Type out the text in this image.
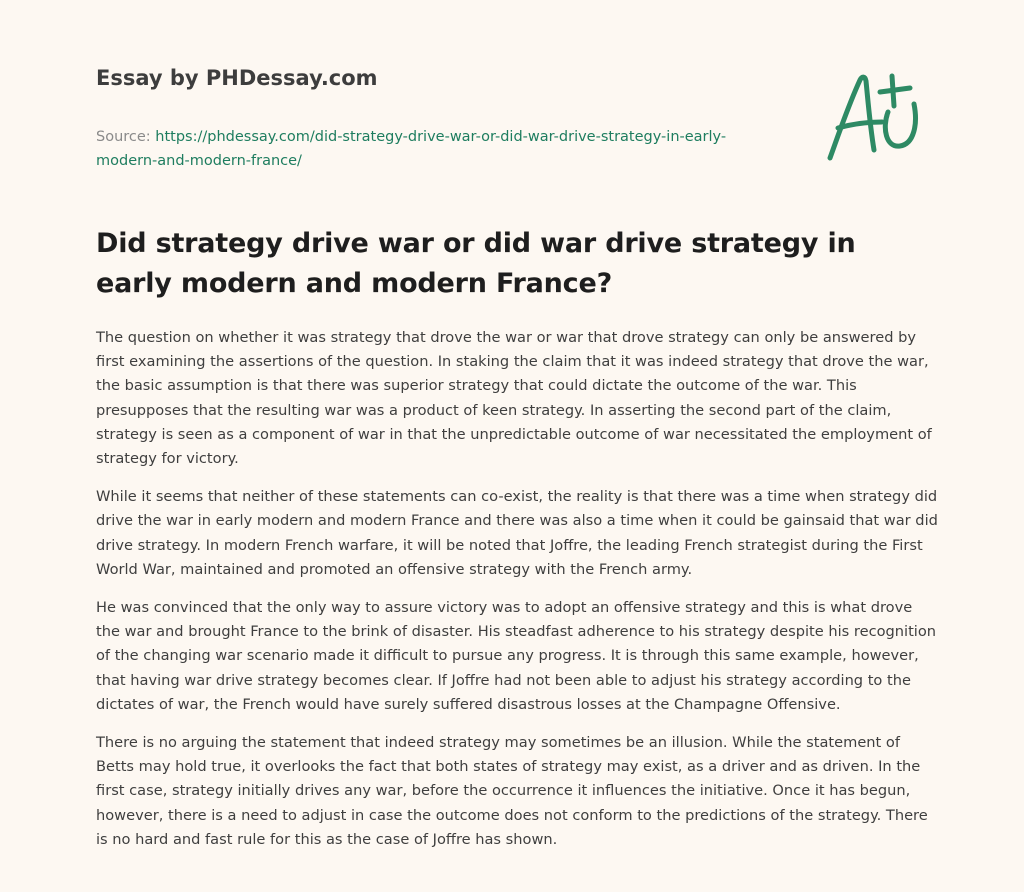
Essay by PHDessay.com
Source: https://phdessay.com/did-strategy-drive-war-or-did-war-drive-strategy-in-early-modern-and-modern-france/
Did strategy drive war or did war drive strategy in early modern and modern France?

The question on whether it was strategy that drove the war or war that drove strategy can only be answered by first examining the assertions of the question. In staking the claim that it was indeed strategy that drove the war, the basic assumption is that there was superior strategy that could dictate the outcome of the war. This presupposes that the resulting war was a product of keen strategy. In asserting the second part of the claim, strategy is seen as a component of war in that the unpredictable outcome of war necessitated the employment of strategy for victory.

While it seems that neither of these statements can co-exist, the reality is that there was a time when strategy did drive the war in early modern and modern France and there was also a time when it could be gainsaid that war did drive strategy. In modern French warfare, it will be noted that Joffre, the leading French strategist during the First World War, maintained and promoted an offensive strategy with the French army.

He was convinced that the only way to assure victory was to adopt an offensive strategy and this is what drove the war and brought France to the brink of disaster. His steadfast adherence to his strategy despite his recognition of the changing war scenario made it difficult to pursue any progress. It is through this same example, however, that having war drive strategy becomes clear. If Joffre had not been able to adjust his strategy according to the dictates of war, the French would have surely suffered disastrous losses at the Champagne Offensive.

There is no arguing the statement that indeed strategy may sometimes be an illusion. While the statement of Betts may hold true, it overlooks the fact that both states of strategy may exist, as a driver and as driven. In the first case, strategy initially drives any war, before the occurrence it influences the initiative. Once it has begun, however, there is a need to adjust in case the outcome does not conform to the predictions of the strategy. There is no hard and fast rule for this as the case of Joffre has shown.
